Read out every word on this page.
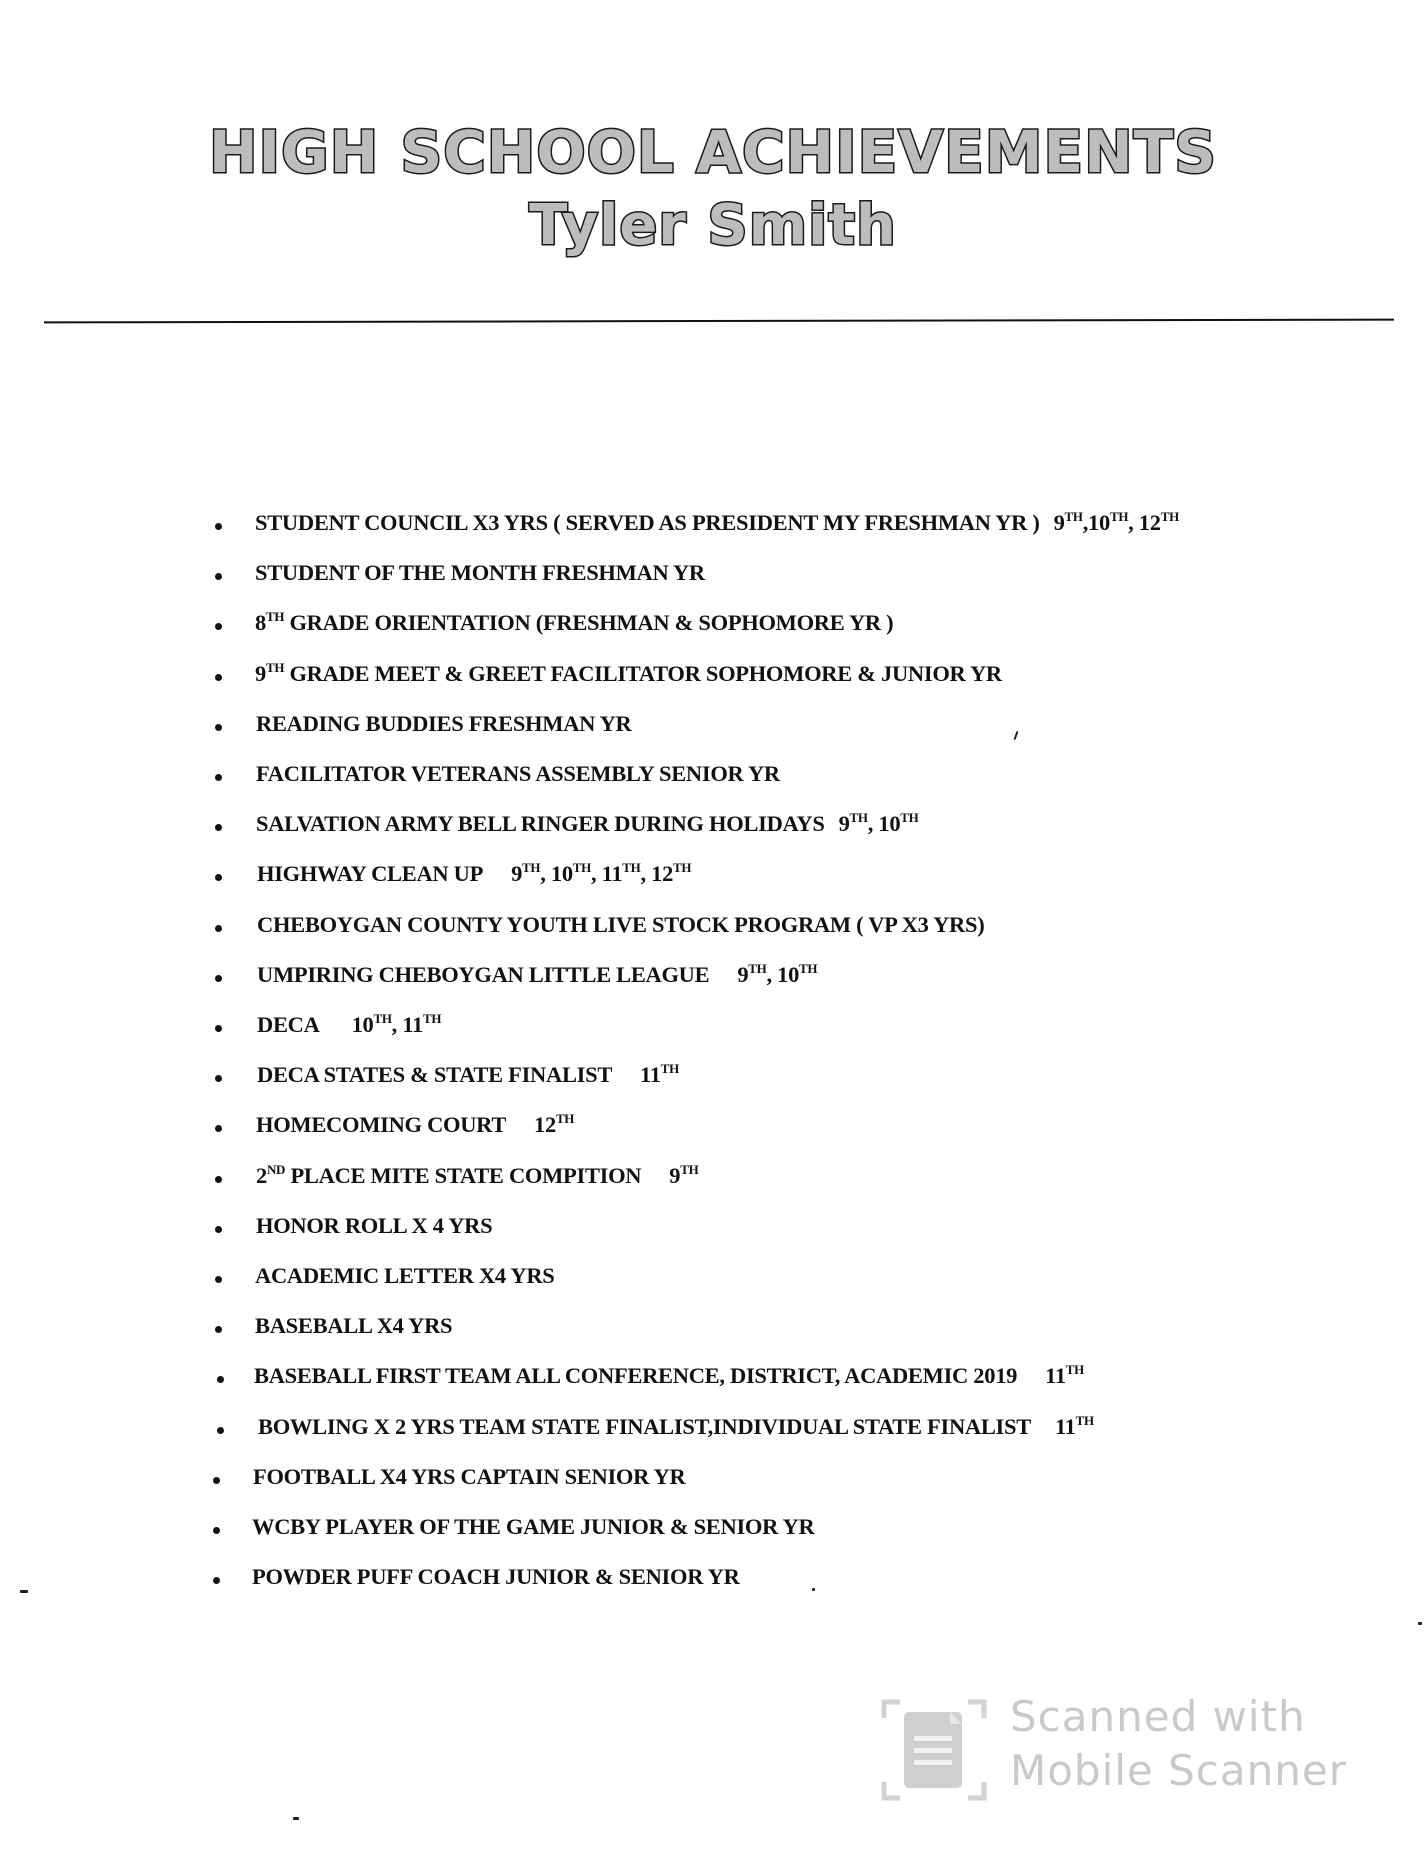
HIGH SCHOOL ACHIEVEMENTS
Tyler Smith
STUDENT COUNCIL X3 YRS ( SERVED AS PRESIDENT MY FRESHMAN YR ) 9TH,10TH, 12TH
STUDENT OF THE MONTH FRESHMAN YR
8TH GRADE ORIENTATION (FRESHMAN & SOPHOMORE YR )
9TH GRADE MEET & GREET FACILITATOR SOPHOMORE & JUNIOR YR
READING BUDDIES FRESHMAN YR
FACILITATOR VETERANS ASSEMBLY SENIOR YR
SALVATION ARMY BELL RINGER DURING HOLIDAYS 9TH, 10TH
HIGHWAY CLEAN UP 9TH, 10TH, 11TH, 12TH
CHEBOYGAN COUNTY YOUTH LIVE STOCK PROGRAM ( VP X3 YRS)
UMPIRING CHEBOYGAN LITTLE LEAGUE 9TH, 10TH
DECA 10TH, 11TH
DECA STATES & STATE FINALIST 11TH
HOMECOMING COURT 12TH
2ND PLACE MITE STATE COMPITION 9TH
HONOR ROLL X 4 YRS
ACADEMIC LETTER X4 YRS
BASEBALL X4 YRS
BASEBALL FIRST TEAM ALL CONFERENCE, DISTRICT, ACADEMIC 2019 11TH
BOWLING X 2 YRS TEAM STATE FINALIST,INDIVIDUAL STATE FINALIST 11TH
FOOTBALL X4 YRS CAPTAIN SENIOR YR
WCBY PLAYER OF THE GAME JUNIOR & SENIOR YR
POWDER PUFF COACH JUNIOR & SENIOR YR
Scanned with
Mobile Scanner
